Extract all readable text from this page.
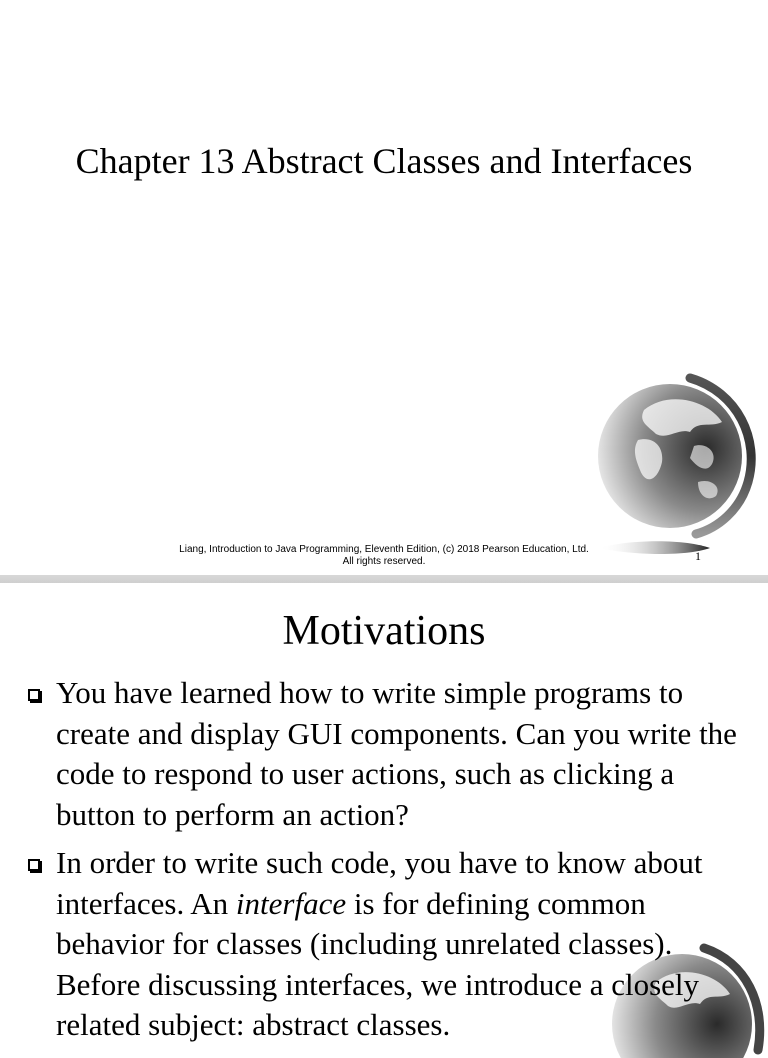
Chapter 13 Abstract Classes and Interfaces
Liang, Introduction to Java Programming, Eleventh Edition, (c) 2018 Pearson Education, Ltd.
All rights reserved.	1
Motivations
You have learned how to write simple programs to create and display GUI components. Can you write the code to respond to user actions, such as clicking a button to perform an action?
In order to write such code, you have to know about interfaces. An interface is for defining common behavior for classes (including unrelated classes). Before discussing interfaces, we introduce a closely related subject: abstract classes.
